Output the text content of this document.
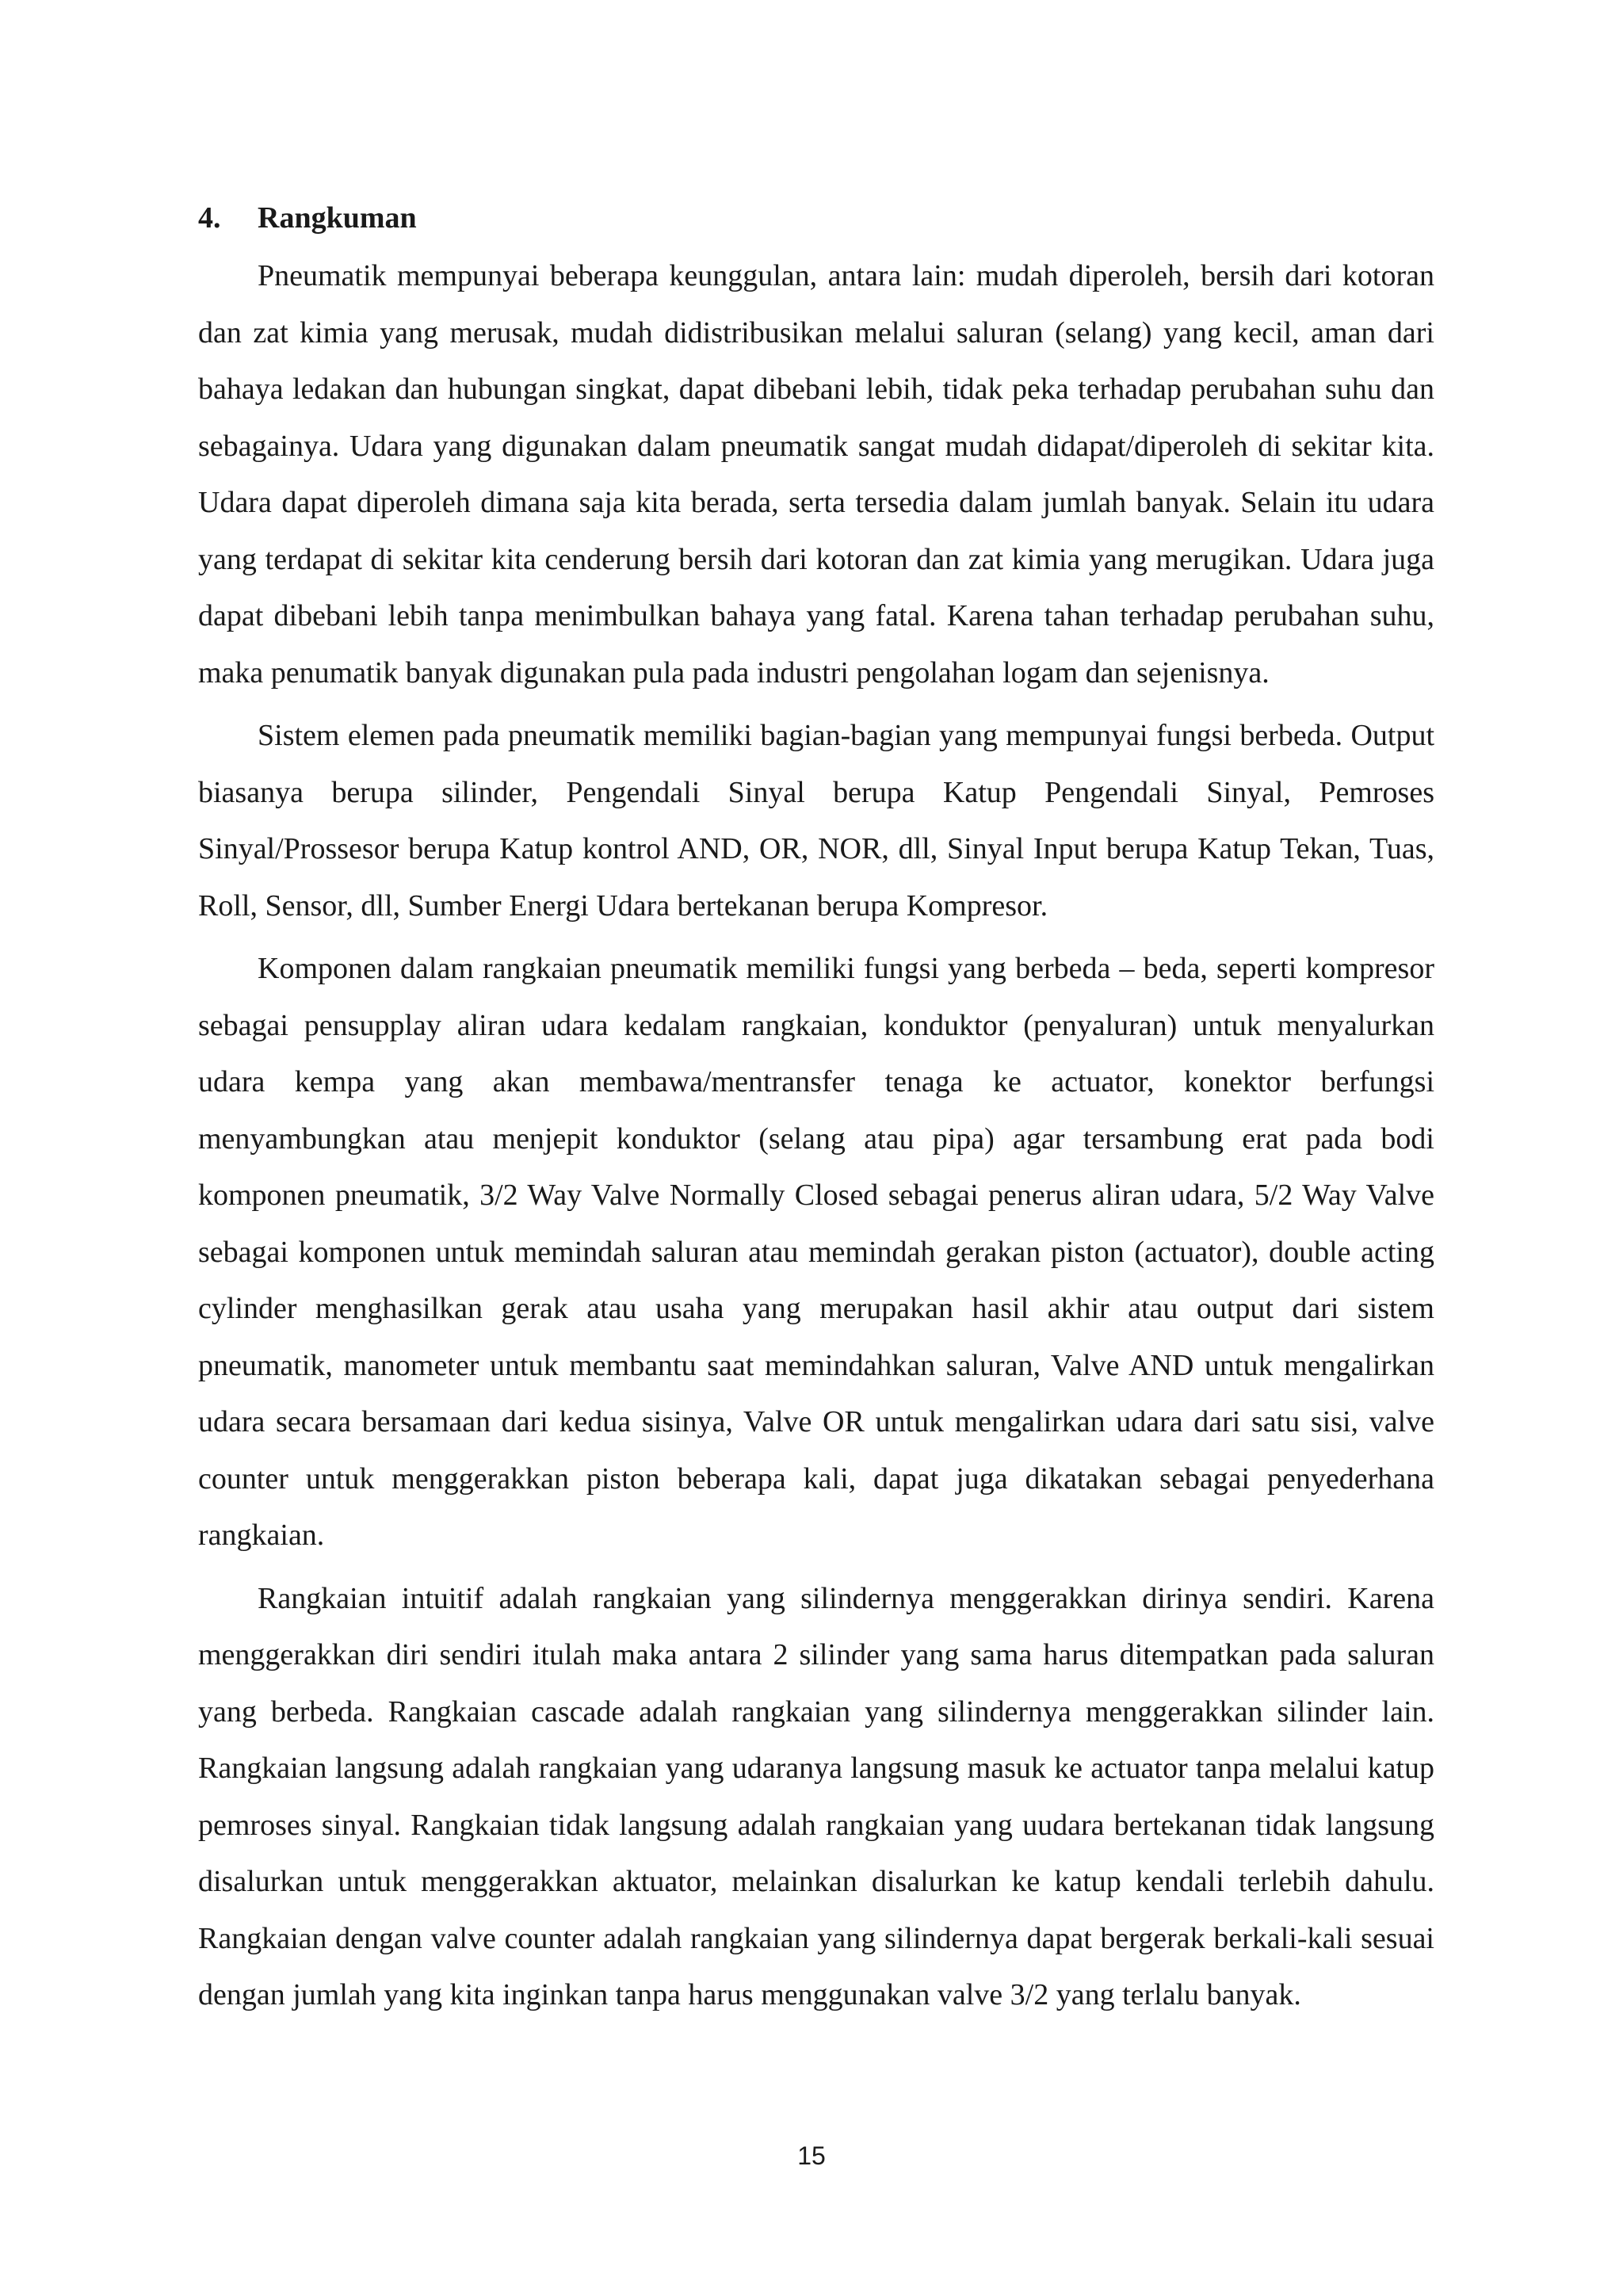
4.	Rangkuman

Pneumatik mempunyai beberapa keunggulan, antara lain: mudah diperoleh, bersih dari kotoran dan zat kimia yang merusak, mudah didistribusikan melalui saluran (selang) yang kecil, aman dari bahaya ledakan dan hubungan singkat, dapat dibebani lebih, tidak peka terhadap perubahan suhu dan sebagainya. Udara yang digunakan dalam pneumatik sangat mudah didapat/diperoleh di sekitar kita. Udara dapat diperoleh dimana saja kita berada, serta tersedia dalam jumlah banyak. Selain itu udara yang terdapat di sekitar kita cenderung bersih dari kotoran dan zat kimia yang merugikan. Udara juga dapat dibebani lebih tanpa menimbulkan bahaya yang fatal. Karena tahan terhadap perubahan suhu, maka penumatik banyak digunakan pula pada industri pengolahan logam dan sejenisnya.

Sistem elemen pada pneumatik memiliki bagian-bagian yang mempunyai fungsi berbeda. Output biasanya berupa silinder, Pengendali Sinyal berupa Katup Pengendali Sinyal, Pemroses Sinyal/Prossesor berupa Katup kontrol AND, OR, NOR, dll, Sinyal Input berupa Katup Tekan, Tuas, Roll, Sensor, dll, Sumber Energi Udara bertekanan berupa Kompresor.

Komponen dalam rangkaian pneumatik memiliki fungsi yang berbeda – beda, seperti kompresor sebagai pensupplay aliran udara kedalam rangkaian, konduktor (penyaluran) untuk menyalurkan udara kempa yang akan membawa/mentransfer tenaga ke actuator, konektor berfungsi menyambungkan atau menjepit konduktor (selang atau pipa) agar tersambung erat pada bodi komponen pneumatik, 3/2 Way Valve Normally Closed sebagai penerus aliran udara, 5/2 Way Valve sebagai komponen untuk memindah saluran atau memindah gerakan piston (actuator), double acting cylinder menghasilkan gerak atau usaha yang merupakan hasil akhir atau output dari sistem pneumatik, manometer untuk membantu saat memindahkan saluran, Valve AND untuk mengalirkan udara secara bersamaan dari kedua sisinya, Valve OR untuk mengalirkan udara dari satu sisi, valve counter untuk menggerakkan piston beberapa kali, dapat juga dikatakan sebagai penyederhana rangkaian.

Rangkaian intuitif adalah rangkaian yang silindernya menggerakkan dirinya sendiri. Karena menggerakkan diri sendiri itulah maka antara 2 silinder yang sama harus ditempatkan pada saluran yang berbeda. Rangkaian cascade adalah rangkaian yang silindernya menggerakkan silinder lain. Rangkaian langsung adalah rangkaian yang udaranya langsung masuk ke actuator tanpa melalui katup pemroses sinyal. Rangkaian tidak langsung adalah rangkaian yang uudara bertekanan tidak langsung disalurkan untuk menggerakkan aktuator, melainkan disalurkan ke katup kendali terlebih dahulu. Rangkaian dengan valve counter adalah rangkaian yang silindernya dapat bergerak berkali-kali sesuai dengan jumlah yang kita inginkan tanpa harus menggunakan valve 3/2 yang terlalu banyak.

15
